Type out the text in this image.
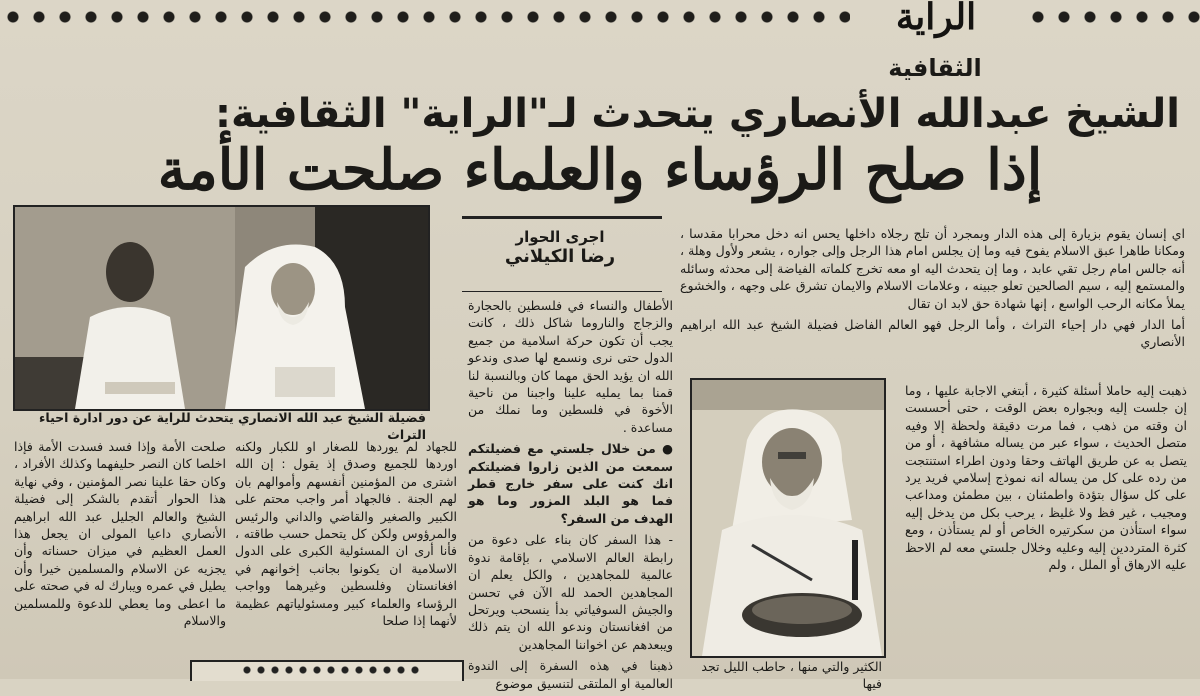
الراية
الثقافية
الشيخ عبدالله الأنصاري يتحدث لـ"الراية" الثقافية:
إذا صلح الرؤساء والعلماء صلحت الأمة

اي إنسان يقوم بزيارة إلى هذه الدار وبمجرد أن تلج رجلاه داخلها يحس انه دخل محرابا مقدسا ، ومكانا طاهرا عبق الاسلام يفوح فيه وما إن يجلس امام هذا الرجل وإلى جواره ، يشعر ولأول وهلة ، أنه جالس امام رجل تقي عابد ، وما إن يتحدث اليه او معه تخرج كلماته الفياضة إلى محدثه وسائله والمستمع إليه ، سيم الصالحين تعلو جبينه ، وعلامات الاسلام والايمان تشرق على وجهه ، والخشوع يملأ مكانه الرحب الواسع ، إنها شهادة حق لابد ان تقال

أما الدار فهي دار إحياء التراث ، وأما الرجل فهو العالم الفاضل فضيلة الشيخ عبد الله ابراهيم الأنصاري

اجرى الحوار
رضا الكيلاني

ذهبت إليه حاملا أسئلة كثيرة ، أبتغي الاجابة عليها ، وما إن جلست إليه وبجواره بعض الوقت ، حتى أحسست ان وقته من ذهب ، فما مرت دقيقة ولحظة إلا وفيه متصل الحديث ، سواء عبر من يساله مشافهة ، أو من يتصل به عن طريق الهاتف وحقا ودون اطراء استنتجت من رده على كل من يساله انه نموذج إسلامي فريد يرد على كل سؤال بتؤدة واطمئنان ، بين مطمئن ومداعب ومجيب ، غير فظ ولا غليظ ، يرحب بكل من يدخل إليه سواء استأذن من سكرتيره الخاص أو لم يستأذن ، ومع كثرة المترددين إليه وعليه وخلال جلستي معه لم الاحظ عليه الارهاق أو الملل ، ولم

الكثير والتي منها ، حاطب الليل تجد فيها

الأطفال والنساء في فلسطين بالحجارة والزجاج والناروما شاكل ذلك ، كانت يجب أن تكون حركة اسلامية من جميع الدول حتى نرى ونسمع لها صدى وندعو الله ان يؤيد الحق مهما كان وبالنسبة لنا قمنا بما يمليه علينا واجبنا من ناحية الأخوة في فلسطين وما نملك من مساعدة .

● من خلال جلستي مع فضيلتكم سمعت من الذين زاروا فضيلتكم انك كنت على سفر خارج قطر فما هو البلد المزور وما هو الهدف من السفر؟

- هذا السفر كان بناء على دعوة من رابطة العالم الاسلامي ، بإقامة ندوة عالمية للمجاهدين ، والكل يعلم ان المجاهدين الحمد لله الآن في تحسن والجيش السوفياتي بدأ ينسحب ويرتحل من افغانستان وندعو الله ان يتم ذلك ويبعدهم عن اخواننا المجاهدين

ذهبنا في هذه السفرة إلى الندوة العالمية او الملتقى لتنسيق موضوع

فضيلة الشيخ عبد الله الانصاري يتحدث للراية عن دور ادارة احياء التراث

للجهاد لم يوردها للصغار او للكبار ولكنه اوردها للجميع وصدق إذ يقول : إن الله اشترى من المؤمنين أنفسهم وأموالهم بان لهم الجنة . فالجهاد أمر واجب محتم على الكبير والصغير والقاضي والداني والرئيس والمرؤوس ولكن كل يتحمل حسب طاقته ، فأنا أرى ان المسئولية الكبرى على الدول الاسلامية ان يكونوا بجانب إخوانهم في افغانستان وفلسطين وغيرهما وواجب الرؤساء والعلماء كبير ومسئولياتهم عظيمة لأنهما إذا صلحا

صلحت الأمة وإذا فسد فسدت الأمة فإذا اخلصا كان النصر حليفهما وكذلك الأفراد ، وكان حقا علينا نصر المؤمنين ، وفي نهاية هذا الحوار أتقدم بالشكر إلى فضيلة الشيخ والعالم الجليل عبد الله ابراهيم الأنصاري داعيا المولى ان يجعل هذا العمل العظيم في ميزان حسناته وأن يجزيه عن الاسلام والمسلمين خيرا وأن يطيل في عمره ويبارك له في صحته على ما اعطى وما يعطي للدعوة وللمسلمين والاسلام
